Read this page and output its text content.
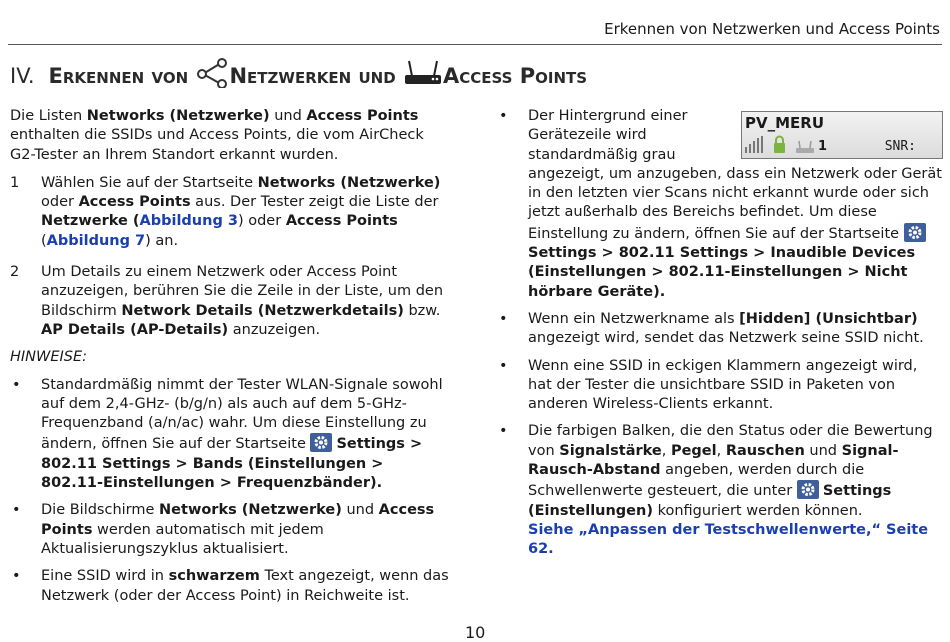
Erkennen von Netzwerken und Access Points
IV. Erkennen von Netzwerken und Access Points

Die Listen Networks (Netzwerke) und Access Points enthalten die SSIDs und Access Points, die vom AirCheck G2-Tester an Ihrem Standort erkannt wurden.

1 Wählen Sie auf der Startseite Networks (Netzwerke) oder Access Points aus. Der Tester zeigt die Liste der Netzwerke (Abbildung 3) oder Access Points (Abbildung 7) an.

2 Um Details zu einem Netzwerk oder Access Point anzuzeigen, berühren Sie die Zeile in der Liste, um den Bildschirm Network Details (Netzwerkdetails) bzw. AP Details (AP-Details) anzuzeigen.

HINWEISE:

• Standardmäßig nimmt der Tester WLAN-Signale sowohl auf dem 2,4-GHz- (b/g/n) als auch auf dem 5-GHz-Frequenzband (a/n/ac) wahr. Um diese Einstellung zu ändern, öffnen Sie auf der Startseite
Settings > 802.11 Settings > Bands (Einstellungen > 802.11-Einstellungen > Frequenzbänder).

• Die Bildschirme Networks (Netzwerke) und Access Points werden automatisch mit jedem Aktualisierungszyklus aktualisiert.

• Eine SSID wird in schwarzem Text angezeigt, wenn das Netzwerk (oder der Access Point) in Reichweite ist.

PV_MERU
1	SNR:
• Der Hintergrund einer
Gerätezeile wird
standardmäßig grau

angezeigt, um anzugeben, dass ein Netzwerk oder Gerät in den letzten vier Scans nicht erkannt wurde oder sich jetzt außerhalb des Bereichs befindet. Um diese Einstellung zu ändern, öffnen Sie auf der Startseite
Settings > 802.11 Settings > Inaudible Devices (Einstellungen > 802.11-Einstellungen > Nicht hörbare Geräte).

• Wenn ein Netzwerkname als [Hidden] (Unsichtbar) angezeigt wird, sendet das Netzwerk seine SSID nicht.

• Wenn eine SSID in eckigen Klammern angezeigt wird, hat der Tester die unsichtbare SSID in Paketen von anderen Wireless-Clients erkannt.

• Die farbigen Balken, die den Status oder die Bewertung von Signalstärke, Pegel, Rauschen und Signal-Rausch-Abstand angeben, werden durch die Schwellenwerte gesteuert, die unter
Settings (Einstellungen) konfiguriert werden können.
Siehe „Anpassen der Testschwellenwerte,“ Seite 62.

10
